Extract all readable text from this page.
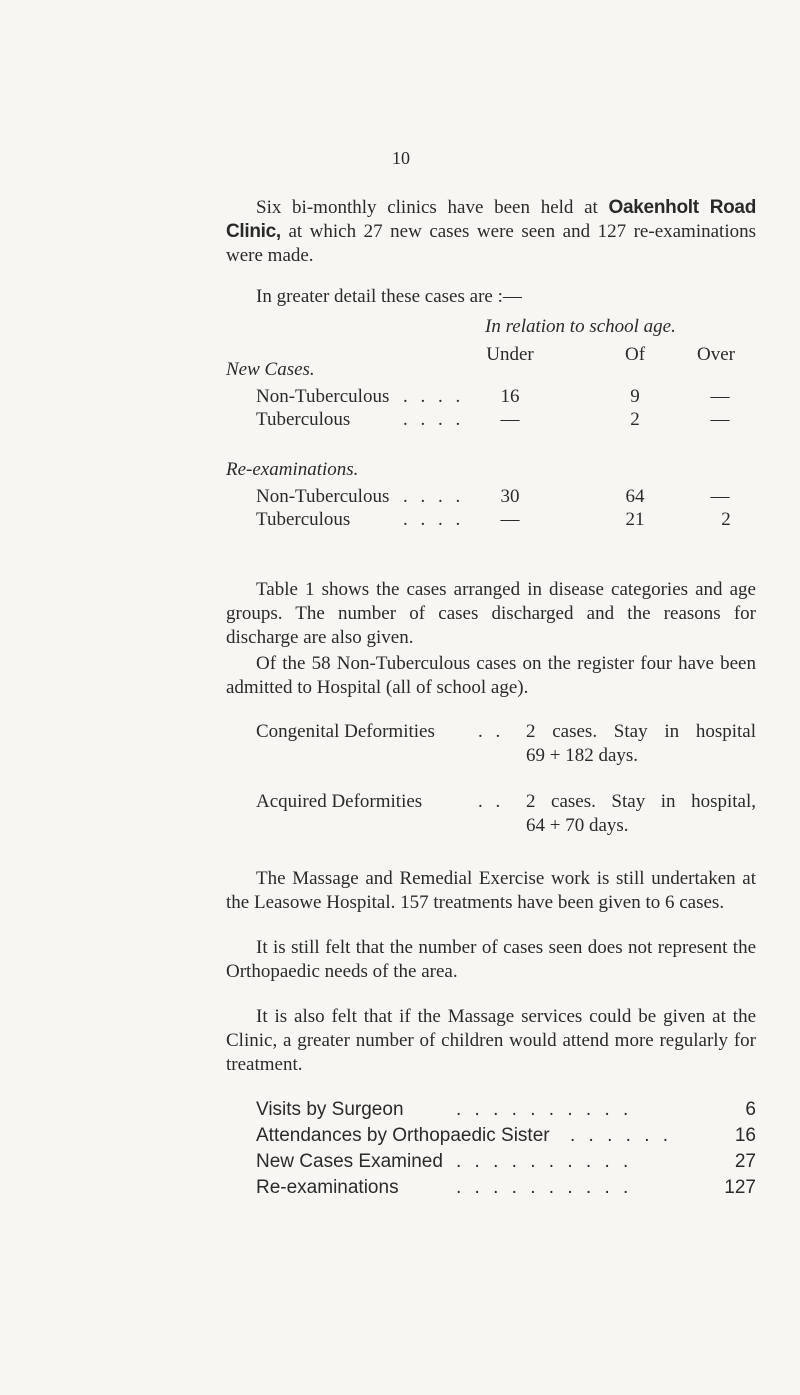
10
Six bi-monthly clinics have been held at Oakenholt Road Clinic, at which 27 new cases were seen and 127 re-examinations were made.
In greater detail these cases are :—
In relation to school age.
Under	Of	Over
New Cases.
Non-Tuberculous . . . .	16	9	—
Tuberculous	. . . .	—	2	—
Re-examinations.
Non-Tuberculous . . . .	30	64	—
Tuberculous	. . . .	—	21	2
Table 1 shows the cases arranged in disease categories and age groups. The number of cases discharged and the reasons for discharge are also given.
Of the 58 Non-Tuberculous cases on the register four have been admitted to Hospital (all of school age).
Congenital Deformities . . 2 cases. Stay in hospital
69 + 182 days.
Acquired Deformities	. . 2 cases. Stay in hospital,
64 + 70 days.
The Massage and Remedial Exercise work is still undertaken at the Leasowe Hospital. 157 treatments have been given to 6 cases.
It is still felt that the number of cases seen does not represent the Orthopaedic needs of the area.
It is also felt that if the Massage services could be given at the Clinic, a greater number of children would attend more regularly for treatment.
Visits by Surgeon	. . . . . . . . . .	6
Attendances by Orthopaedic Sister . . . . . .	16
New Cases Examined . . . . . . . . . .	27
Re-examinations	. . . . . . . . . .	127
